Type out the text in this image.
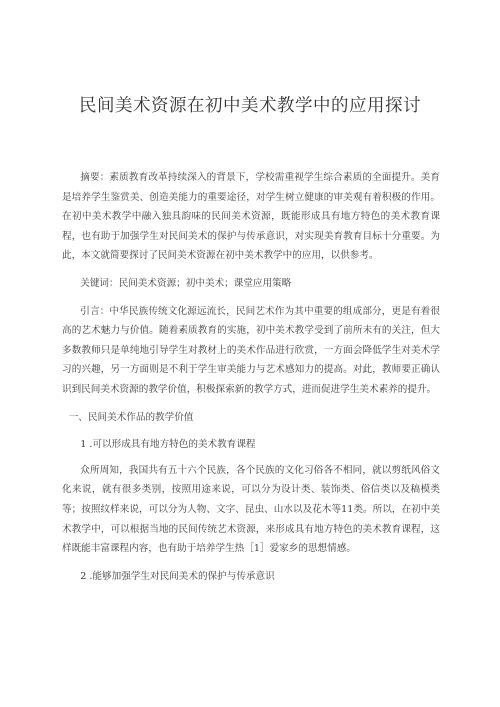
民间美术资源在初中美术教学中的应用探讨

摘要：素质教育改革持续深入的背景下，学校需重视学生综合素质的全面提升。美育是培养学生鉴赏美、创造美能力的重要途径，对学生树立健康的审美观有着积极的作用。在初中美术教学中融入独具韵味的民间美术资源，既能形成具有地方特色的美术教育课程，也有助于加强学生对民间美术的保护与传承意识，对实现美育教育目标十分重要。为此，本文就简要探讨了民间美术资源在初中美术教学中的应用，以供参考。

关键词：民间美术资源；初中美术；课堂应用策略

引言：中华民族传统文化源远流长，民间艺术作为其中重要的组成部分，更是有着很高的艺术魅力与价值。随着素质教育的实施，初中美术教学受到了前所未有的关注，但大多数教师只是单纯地引导学生对教材上的美术作品进行欣赏，一方面会降低学生对美术学习的兴趣，另一方面则是不利于学生审美能力与艺术感知力的提高。对此，教师要正确认识到民间美术资源的教学价值，积极探索新的教学方式，进而促进学生美术素养的提升。

一、民间美术作品的教学价值

1 .可以形成具有地方特色的美术教育课程

众所周知，我国共有五十六个民族，各个民族的文化习俗各不相同，就以剪纸风俗文化来说，就有很多类别，按照用途来说，可以分为设计类、装饰类、俗信类以及稿模类等；按照纹样来说，可以分为人物、文字、昆虫、山水以及花木等11类。所以，在初中美术教学中，可以根据当地的民间传统艺术资源，来形成具有地方特色的美术教育课程，这样既能丰富课程内容，也有助于培养学生热［1］爱家乡的思想情感。

2 .能够加强学生对民间美术的保护与传承意识
